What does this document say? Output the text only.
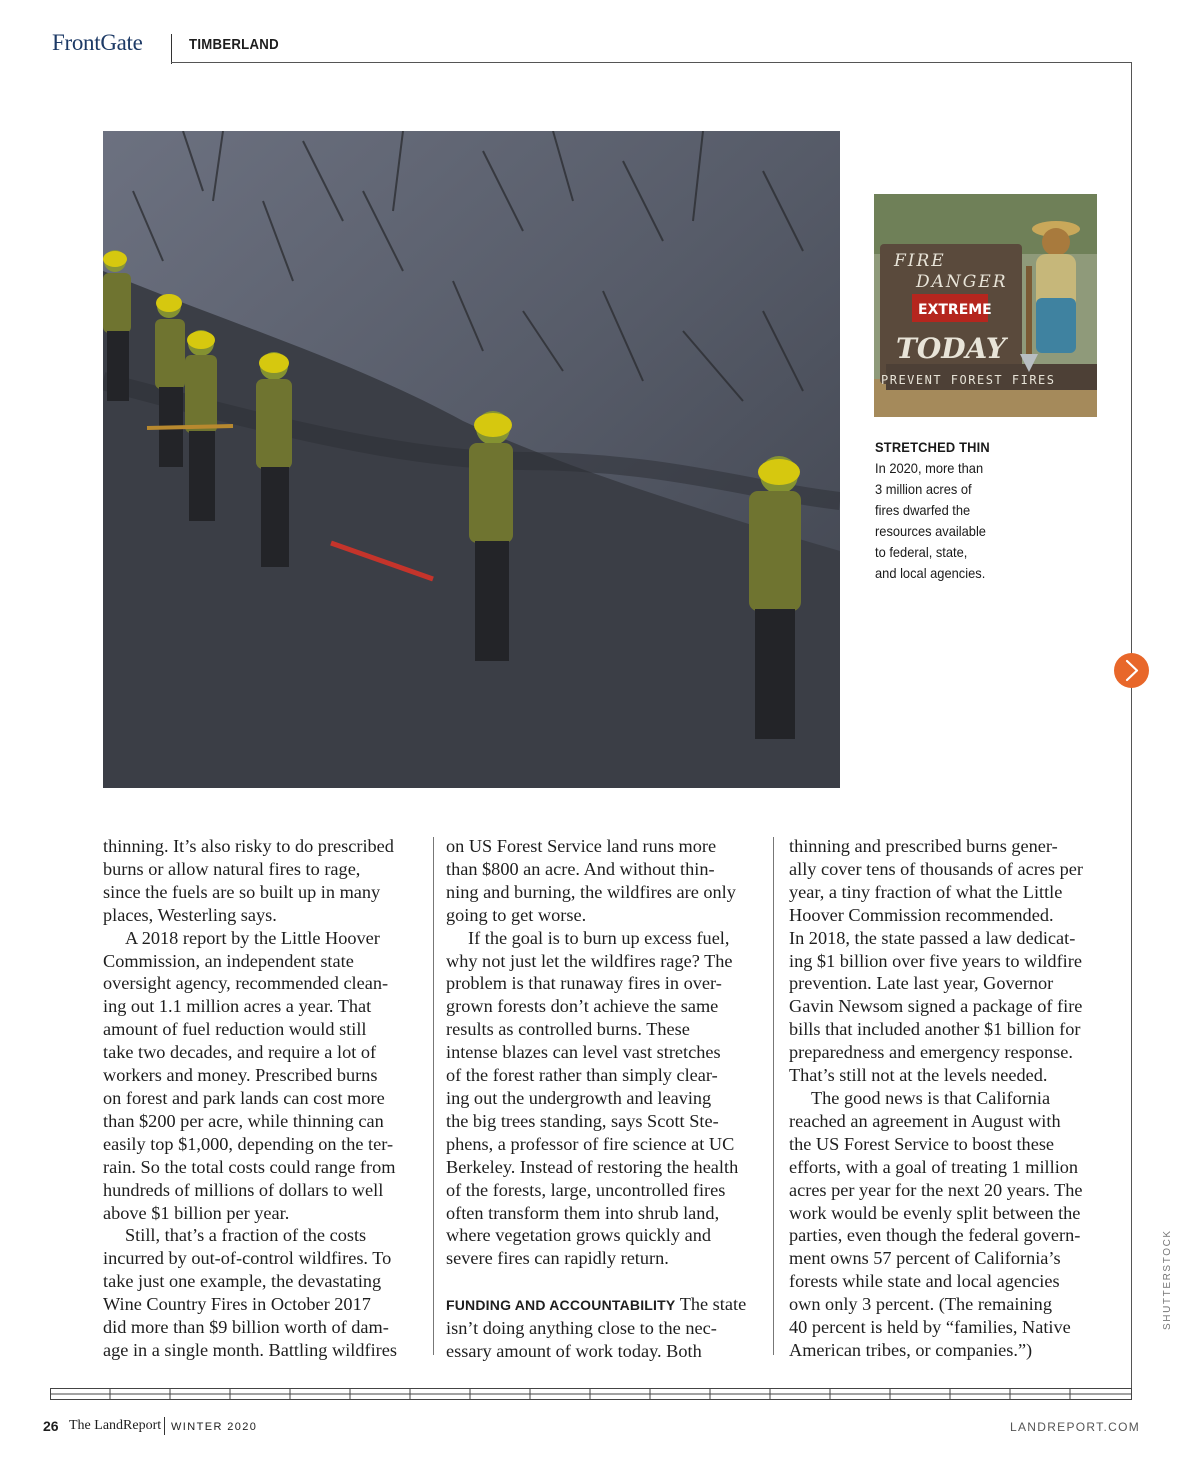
FrontGate	TIMBERLAND
FIRE
DANGER
EXTREME
TODAY
PREVENT FOREST FIRES
STRETCHED THIN
In 2020, more than
3 million acres of
fires dwarfed the
resources available
to federal, state,
and local agencies.
SHUTTERSTOCK
thinning. It’s also risky to do prescribed
burns or allow natural fires to rage,
since the fuels are so built up in many
places, Westerling says.
A 2018 report by the Little Hoover
Commission, an independent state
oversight agency, recommended clean-
ing out 1.1 million acres a year. That
amount of fuel reduction would still
take two decades, and require a lot of
workers and money. Prescribed burns
on forest and park lands can cost more
than $200 per acre, while thinning can
easily top $1,000, depending on the ter-
rain. So the total costs could range from
hundreds of millions of dollars to well
above $1 billion per year.
Still, that’s a fraction of the costs
incurred by out-of-control wildfires. To
take just one example, the devastating
Wine Country Fires in October 2017
did more than $9 billion worth of dam-
age in a single month. Battling wildfires
on US Forest Service land runs more
than $800 an acre. And without thin-
ning and burning, the wildfires are only
going to get worse.
If the goal is to burn up excess fuel,
why not just let the wildfires rage? The
problem is that runaway fires in over-
grown forests don’t achieve the same
results as controlled burns. These
intense blazes can level vast stretches
of the forest rather than simply clear-
ing out the undergrowth and leaving
the big trees standing, says Scott Ste-
phens, a professor of fire science at UC
Berkeley. Instead of restoring the health
of the forests, large, uncontrolled fires
often transform them into shrub land,
where vegetation grows quickly and
severe fires can rapidly return.
FUNDING AND ACCOUNTABILITY The state
isn’t doing anything close to the nec-
essary amount of work today. Both
thinning and prescribed burns gener-
ally cover tens of thousands of acres per
year, a tiny fraction of what the Little
Hoover Commission recommended.
In 2018, the state passed a law dedicat-
ing $1 billion over five years to wildfire
prevention. Late last year, Governor
Gavin Newsom signed a package of fire
bills that included another $1 billion for
preparedness and emergency response.
That’s still not at the levels needed.
The good news is that California
reached an agreement in August with
the US Forest Service to boost these
efforts, with a goal of treating 1 million
acres per year for the next 20 years. The
work would be evenly split between the
parties, even though the federal govern-
ment owns 57 percent of California’s
forests while state and local agencies
own only 3 percent. (The remaining
40 percent is held by “families, Native
American tribes, or companies.”)
26 The LandReport WINTER 2020	LANDREPORT.COM
